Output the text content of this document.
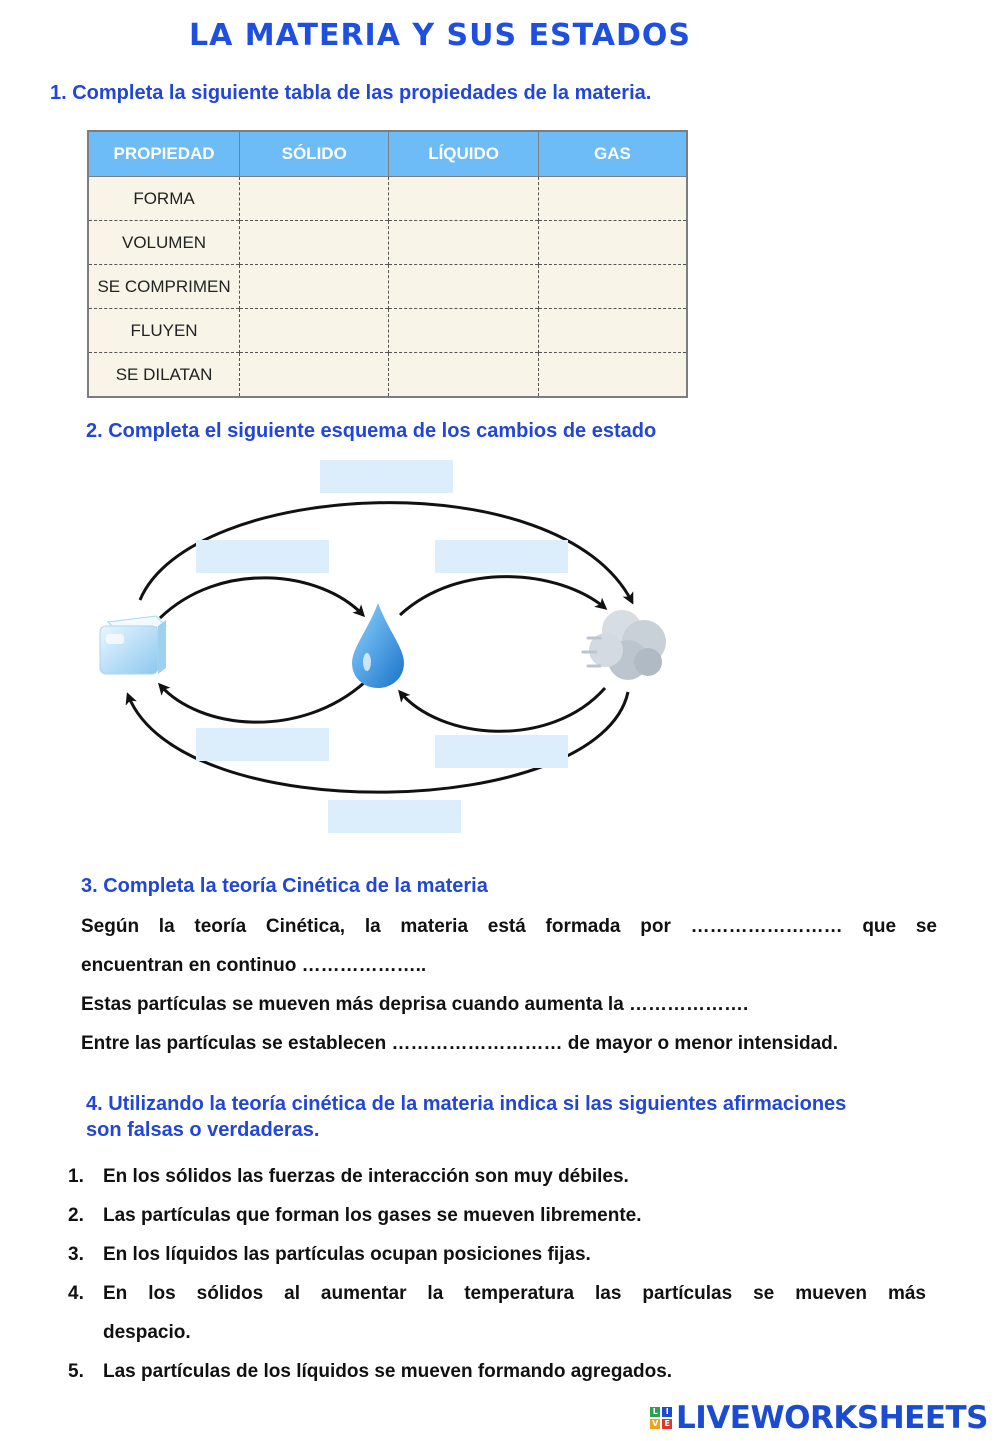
LA MATERIA Y SUS ESTADOS
1. Completa la siguiente tabla de las propiedades de la materia.
PROPIEDAD	SÓLIDO	LÍQUIDO	GAS
FORMA			
VOLUMEN			
SE COMPRIMEN			
FLUYEN			
SE DILATAN			
2. Completa el siguiente esquema de los cambios de estado
3. Completa la teoría Cinética de la materia
Según la teoría Cinética, la materia está formada por …………………… que se
encuentran en continuo ………………..
Estas partículas se mueven más deprisa cuando aumenta la ……………….
Entre las partículas se establecen ……………………… de mayor o menor intensidad.
4. Utilizando la teoría cinética de la materia indica si las siguientes afirmaciones
son falsas o verdaderas.
1. En los sólidos las fuerzas de interacción son muy débiles.
2. Las partículas que forman los gases se mueven libremente.
3. En los líquidos las partículas ocupan posiciones fijas.
4. En los sólidos al aumentar la temperatura las partículas se mueven más
despacio.
5. Las partículas de los líquidos se mueven formando agregados.
L	I
V E LIVEWORKSHEETS
